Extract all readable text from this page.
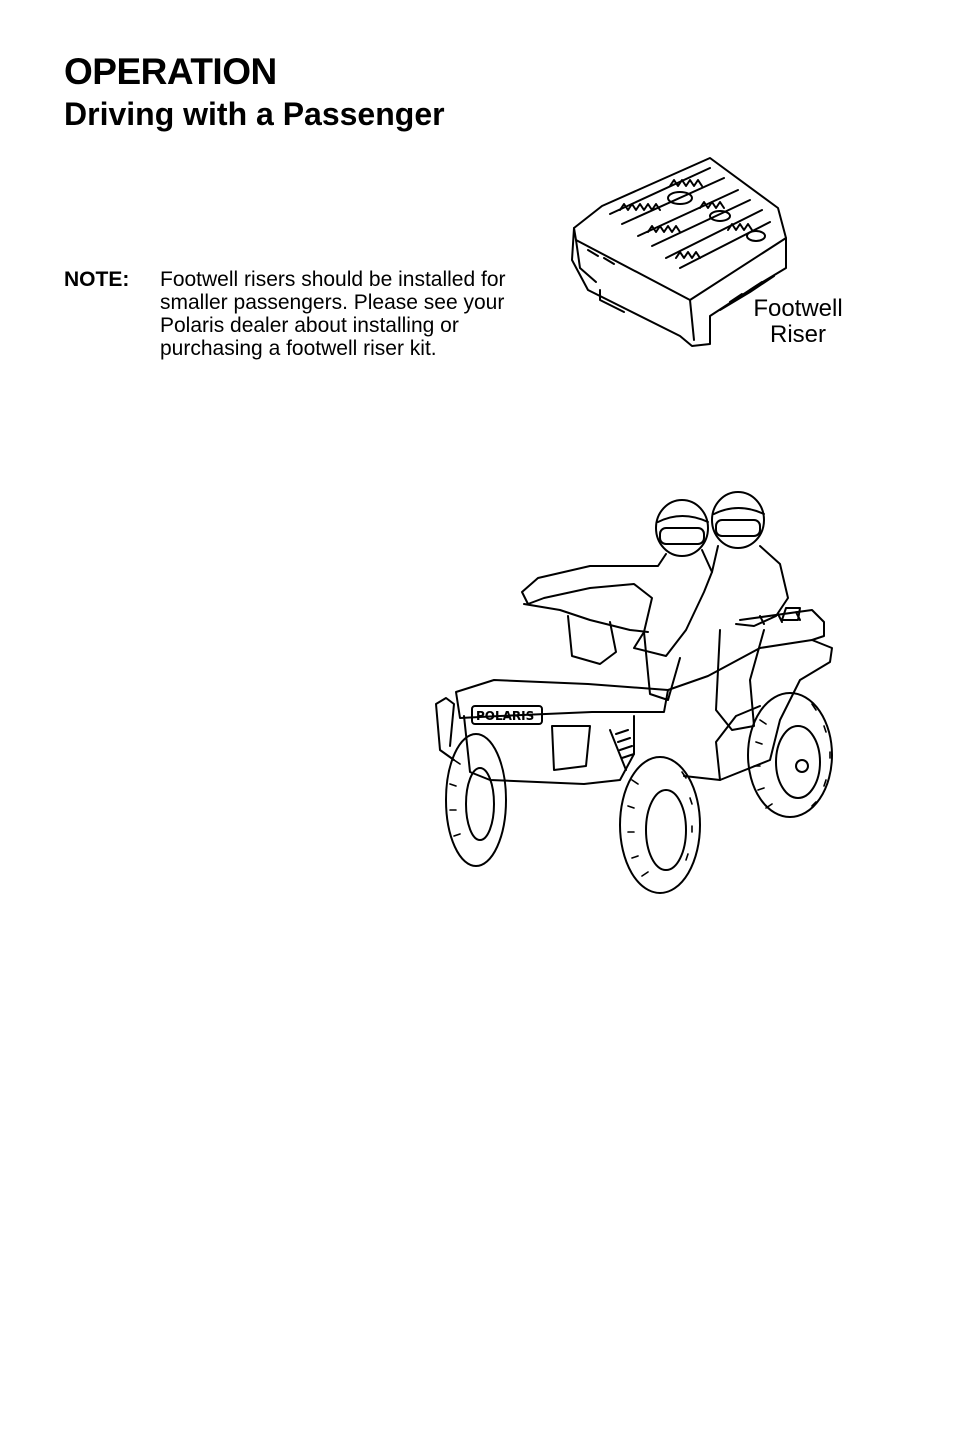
OPERATION
Driving with a Passenger
NOTE: Footwell risers should be installed for smaller passengers. Please see your Polaris dealer about installing or purchasing a footwell riser kit.
Footwell
Riser
POLARIS
